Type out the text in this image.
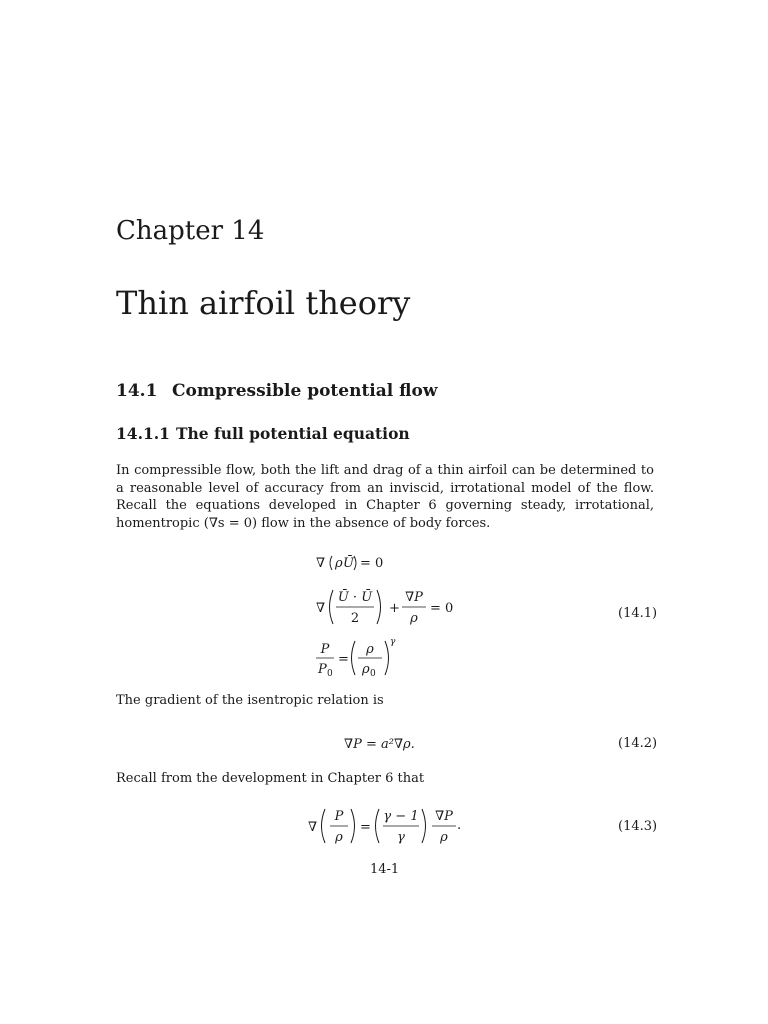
Chapter 14
Thin airfoil theory
14.1 Compressible potential flow
14.1.1 The full potential equation
In compressible flow, both the lift and drag of a thin airfoil can be determined to a reasonable level of accuracy from an inviscid, irrotational model of the flow. Recall the equations developed in Chapter 6 governing steady, irrotational, homentropic (∇s = 0) flow in the absence of body forces.
∇ ρ Ū = 0
∇
Ū · Ū
2
+
∇P
ρ
= 0
P
P 0
=
ρ
ρ 0
γ
(14.1)
The gradient of the isentropic relation is
∇P = a²∇ρ.	(14.2)
Recall from the development in Chapter 6 that
∇
P
ρ
=
γ − 1
γ
∇P
ρ
.	(14.3)
14-1
